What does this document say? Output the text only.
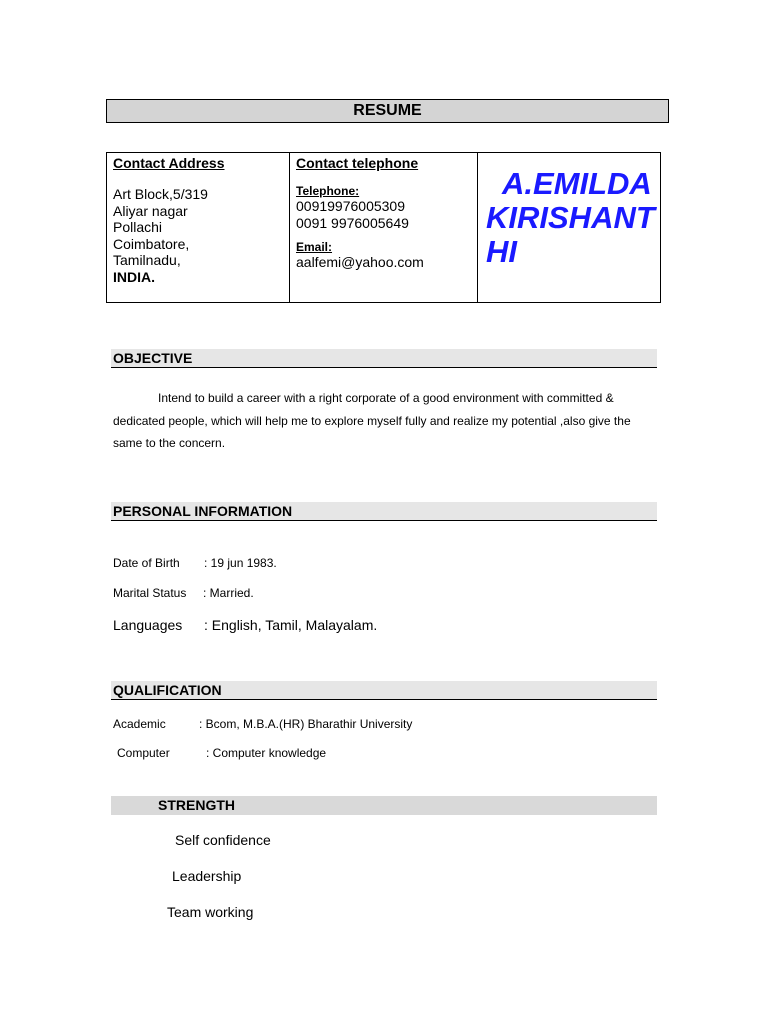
RESUME
Contact Address
Art Block,5/319
Aliyar nagar
Pollachi
Coimbatore,
Tamilnadu,
INDIA.
Contact telephone
Telephone:
00919976005309
0091 9976005649
Email:
aalfemi@yahoo.com
A.EMILDA
KIRISHANT
HI
OBJECTIVE
Intend to build a career with a right corporate of a good environment with committed &
dedicated people, which will help me to explore myself fully and realize my potential ,also give the
same to the concern.
PERSONAL INFORMATION
Date of Birth : 19 jun 1983.
Marital Status : Married.
Languages : English, Tamil, Malayalam.
QUALIFICATION
Academic	: Bcom, M.B.A.(HR) Bharathir University
Computer	: Computer knowledge
STRENGTH
Self confidence
Leadership
Team working
